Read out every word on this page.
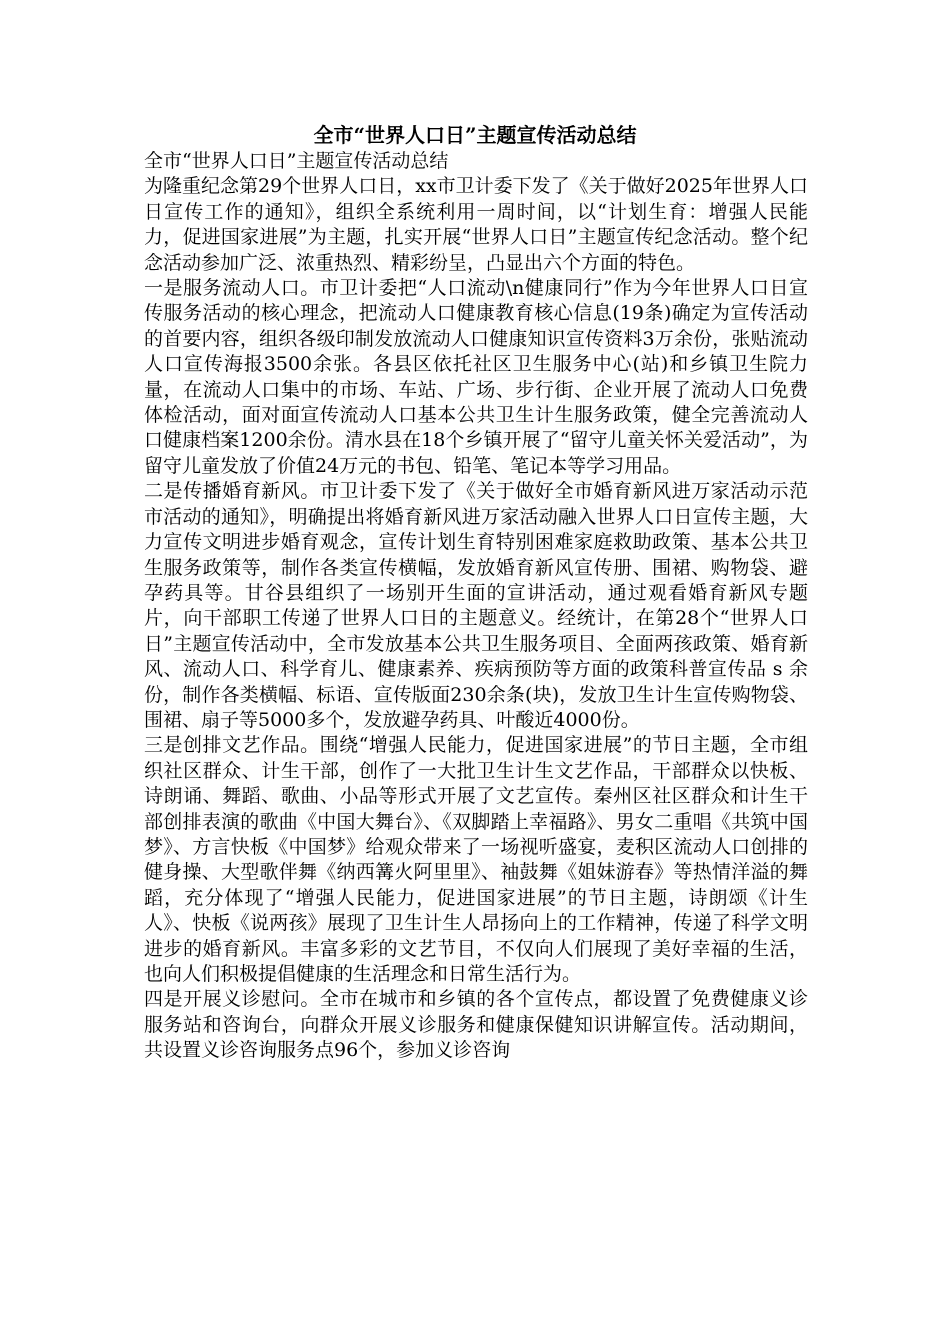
全市“世界人口日”主题宣传活动总结

全市“世界人口日”主题宣传活动总结

为隆重纪念第29个世界人口日，xx市卫计委下发了《关于做好2025年世界人口日宣传工作的通知》，组织全系统利用一周时间，以“计划生育：增强人民能力，促进国家进展”为主题，扎实开展“世界人口日”主题宣传纪念活动。整个纪念活动参加广泛、浓重热烈、精彩纷呈，凸显出六个方面的特色。

一是服务流动人口。市卫计委把“人口流动\n健康同行”作为今年世界人口日宣传服务活动的核心理念，把流动人口健康教育核心信息(19条)确定为宣传活动的首要内容，组织各级印制发放流动人口健康知识宣传资料3万余份，张贴流动人口宣传海报3500余张。各县区依托社区卫生服务中心(站)和乡镇卫生院力量，在流动人口集中的市场、车站、广场、步行街、企业开展了流动人口免费体检活动，面对面宣传流动人口基本公共卫生计生服务政策，健全完善流动人口健康档案1200余份。清水县在18个乡镇开展了“留守儿童关怀关爱活动”，为留守儿童发放了价值24万元的书包、铅笔、笔记本等学习用品。

二是传播婚育新风。市卫计委下发了《关于做好全市婚育新风进万家活动示范市活动的通知》，明确提出将婚育新风进万家活动融入世界人口日宣传主题，大力宣传文明进步婚育观念，宣传计划生育特别困难家庭救助政策、基本公共卫生服务政策等，制作各类宣传横幅，发放婚育新风宣传册、围裙、购物袋、避孕药具等。甘谷县组织了一场别开生面的宣讲活动，通过观看婚育新风专题片，向干部职工传递了世界人口日的主题意义。经统计，在第28个“世界人口日”主题宣传活动中，全市发放基本公共卫生服务项目、全面两孩政策、婚育新风、流动人口、科学育儿、健康素养、疾病预防等方面的政策科普宣传品 s 余份，制作各类横幅、标语、宣传版面230余条(块)，发放卫生计生宣传购物袋、围裙、扇子等5000多个，发放避孕药具、叶酸近4000份。

三是创排文艺作品。围绕“增强人民能力，促进国家进展”的节日主题，全市组织社区群众、计生干部，创作了一大批卫生计生文艺作品，干部群众以快板、诗朗诵、舞蹈、歌曲、小品等形式开展了文艺宣传。秦州区社区群众和计生干部创排表演的歌曲《中国大舞台》、《双脚踏上幸福路》、男女二重唱《共筑中国梦》、方言快板《中国梦》给观众带来了一场视听盛宴，麦积区流动人口创排的健身操、大型歌伴舞《纳西篝火阿里里》、袖鼓舞《姐妹游春》等热情洋溢的舞蹈，充分体现了“增强人民能力，促进国家进展”的节日主题，诗朗颂《计生人》、快板《说两孩》展现了卫生计生人昂扬向上的工作精神，传递了科学文明进步的婚育新风。丰富多彩的文艺节目，不仅向人们展现了美好幸福的生活，也向人们积极提倡健康的生活理念和日常生活行为。

四是开展义诊慰问。全市在城市和乡镇的各个宣传点，都设置了免费健康义诊服务站和咨询台，向群众开展义诊服务和健康保健知识讲解宣传。活动期间，共设置义诊咨询服务点96个，参加义诊咨询
